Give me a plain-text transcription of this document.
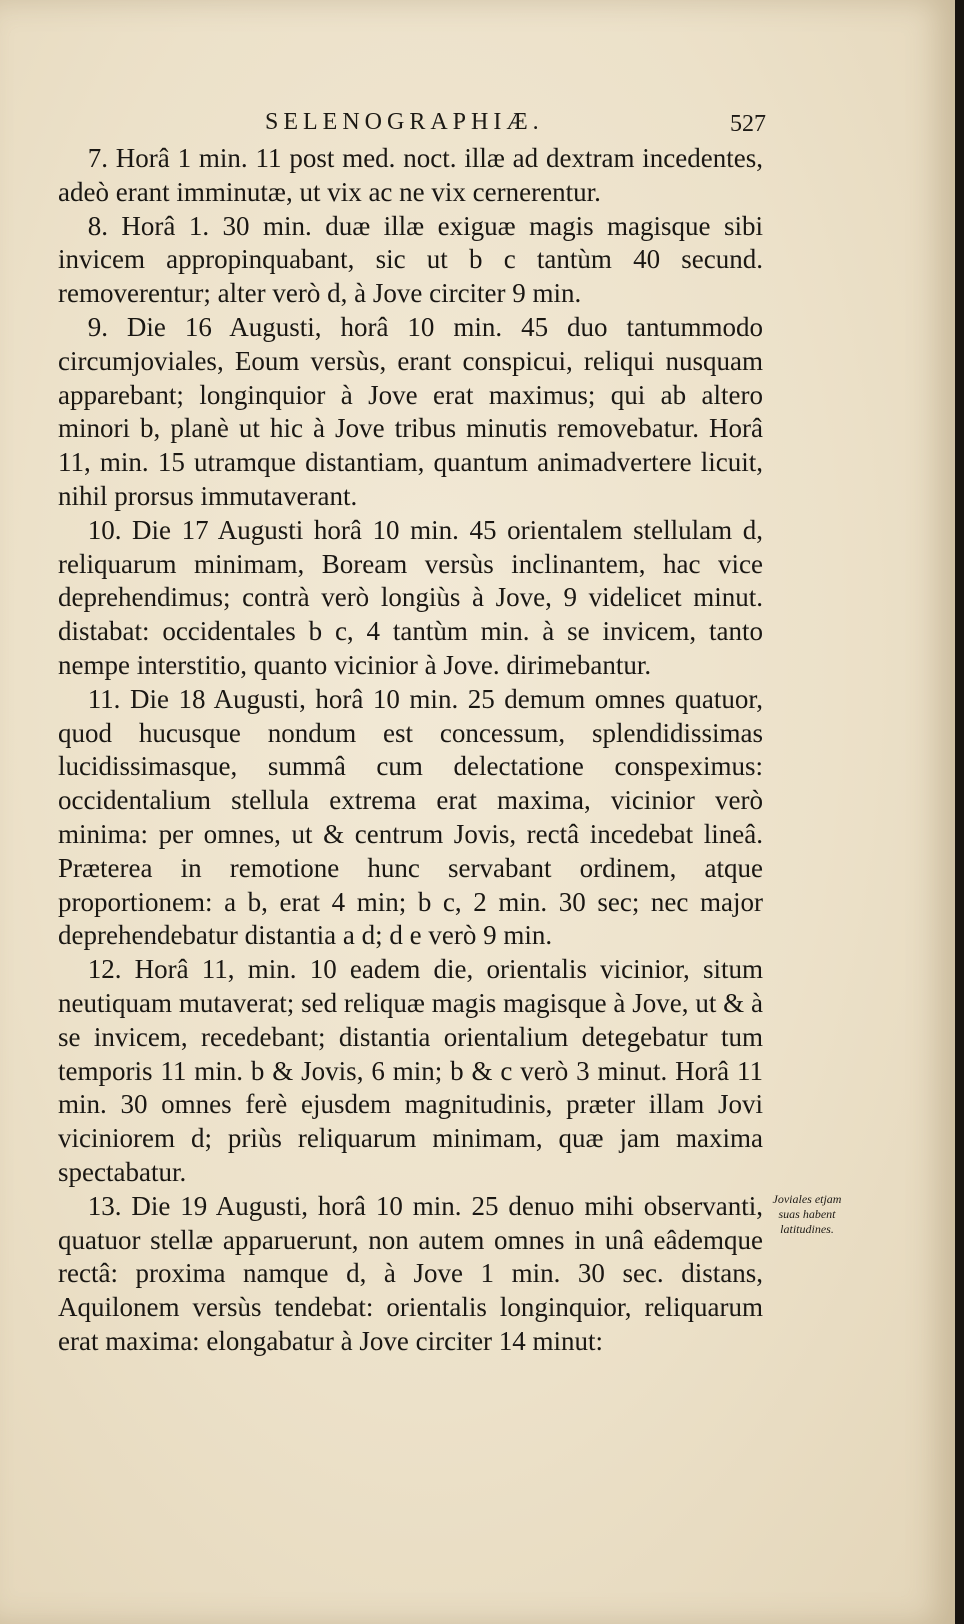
SELENOGRAPHIÆ.	527

7. Horâ 1 min. 11 post med. noct. illæ ad dextram incedentes, adeò erant imminutæ, ut vix ac ne vix cernerentur.

8. Horâ 1. 30 min. duæ illæ exiguæ magis magisque sibi invicem appropinquabant, sic ut b c tantùm 40 secund. removerentur; alter verò d, à Jove circiter 9 min.

9. Die 16 Augusti, horâ 10 min. 45 duo tantummodo circumjoviales, Eoum versùs, erant conspicui, reliqui nusquam apparebant; longinquior à Jove erat maximus; qui ab altero minori b, planè ut hic à Jove tribus minutis removebatur. Horâ 11, min. 15 utramque distantiam, quantum animadvertere licuit, nihil prorsus immutaverant.

10. Die 17 Augusti horâ 10 min. 45 orientalem stellulam d, reliquarum minimam, Boream versùs inclinantem, hac vice deprehendimus; contrà verò longiùs à Jove, 9 videlicet minut. distabat: occidentales b c, 4 tantùm min. à se invicem, tanto nempe interstitio, quanto vicinior à Jove. dirimebantur.

11. Die 18 Augusti, horâ 10 min. 25 demum omnes quatuor, quod hucusque nondum est concessum, splendidissimas lucidissimasque, summâ cum delectatione conspeximus: occidentalium stellula extrema erat maxima, vicinior verò minima: per omnes, ut & centrum Jovis, rectâ incedebat lineâ. Præterea in remotione hunc servabant ordinem, atque proportionem: a b, erat 4 min; b c, 2 min. 30 sec; nec major deprehendebatur distantia a d; d e verò 9 min.

12. Horâ 11, min. 10 eadem die, orientalis vicinior, situm neutiquam mutaverat; sed reliquæ magis magisque à Jove, ut & à se invicem, recedebant; distantia orientalium detegebatur tum temporis 11 min. b & Jovis, 6 min; b & c verò 3 minut. Horâ 11 min. 30 omnes ferè ejusdem magnitudinis, præter illam Jovi viciniorem d; priùs reliquarum minimam, quæ jam maxima spectabatur.

13. Die 19 Augusti, horâ 10 min. 25 denuo mihi observanti, quatuor stellæ apparuerunt, non autem omnes in unâ eâdemque rectâ: proxima namque d, à Jove 1 min. 30 sec. distans, Aquilonem versùs tendebat: orientalis longinquior, reliquarum erat maxima: elongabatur à Jove circiter 14 minut:

Joviales etjam suas habent latitudines.
